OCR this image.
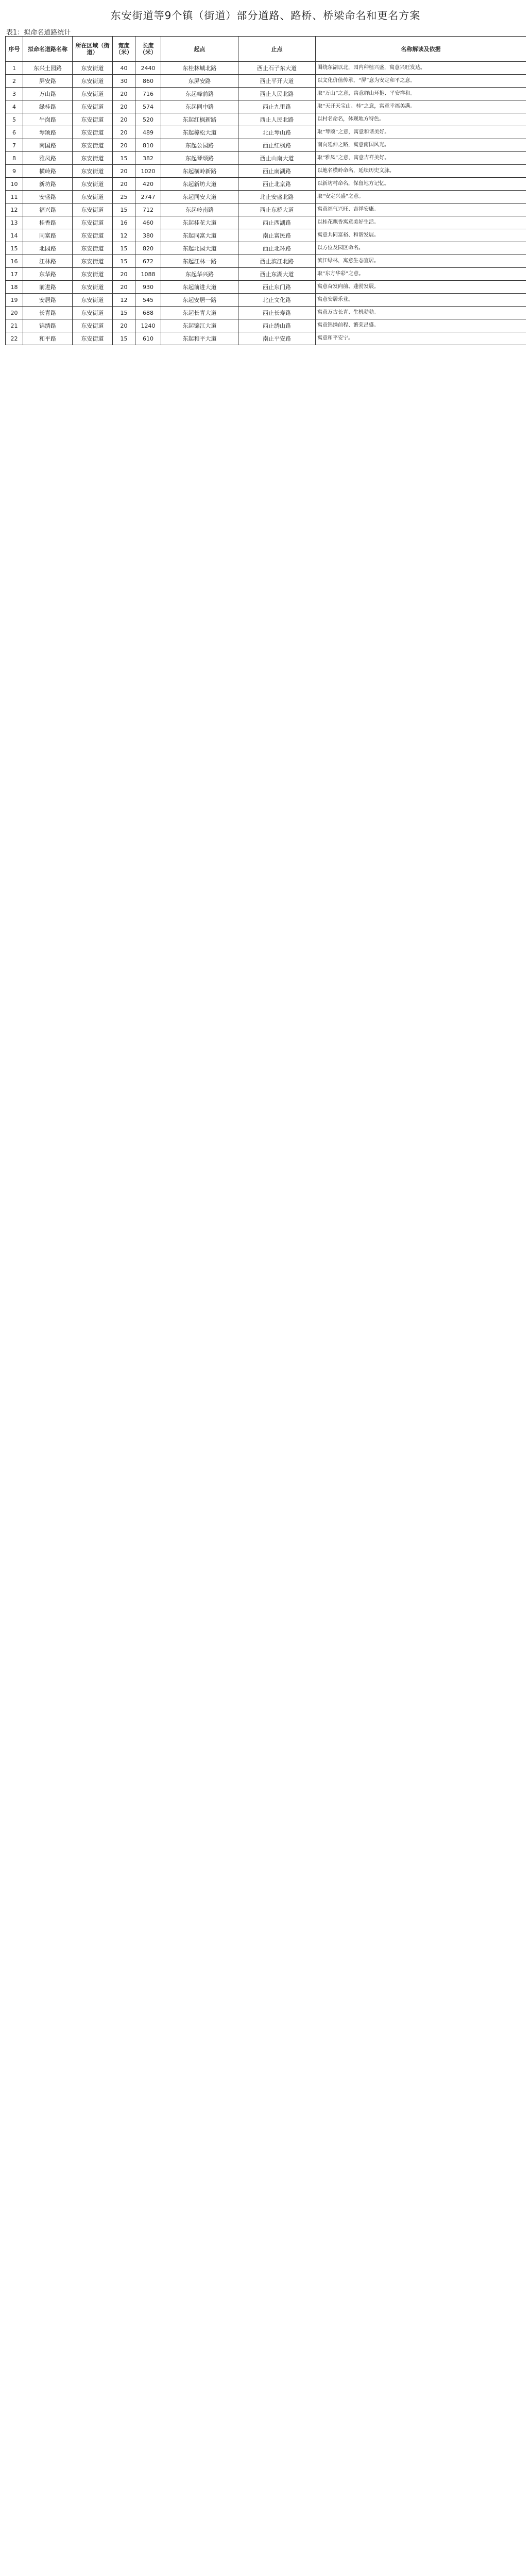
东安街道等9个镇（街道）部分道路、路桥、桥梁命名和更名方案
表1：拟命名道路统计
序号	拟命名道路名称	所在区域（街道）	宽度（米）	长度（米）	起点	止点	名称解读及依据
1	东兴土园路	东安街道	40	2440	东桂林城北路	西止石子东大道	围绕东湖以北，园内种植兴盛，寓意兴旺发达。
2	屏安路	东安街道	30	860	东屏安路	西止平开大道	以文化价值传承，“屏”意为安定和平之意。
3	万山路	东安街道	20	716	东起峰前路	西止人民北路	取“万山”之意，寓意群山环抱、平安祥和。
4	绿桂路	东安街道	20	574	东起同中路	西止九里路	取“天开天宝山、桂”之意，寓意幸福美满。
5	牛岗路	东安街道	20	520	东起红枫新路	西止人民北路	以村名命名，体现地方特色。
6	琴颂路	东安街道	20	489	东起樟松大道	北止琴山路	取“琴颂”之意，寓意和谐美好。
7	南国路	东安街道	20	810	东起公园路	西止红枫路	南向延伸之路，寓意南国风光。
8	雅凤路	东安街道	15	382	东起琴颂路	西止山南大道	取“雅凤”之意，寓意吉祥美好。
9	横岭路	东安街道	20	1020	东起横岭新路	西止南湖路	以地名横岭命名，延续历史文脉。
10	新坊路	东安街道	20	420	东起新坊大道	西止北京路	以新坊村命名，保留地方记忆。
11	安盛路	东安街道	25	2747	东起同安大道	北止安盛北路	取“安定兴盛”之意。
12	福兴路	东安街道	15	712	东起岭南路	西止东桥大道	寓意福气兴旺、吉祥安康。
13	桂香路	东安街道	16	460	东起桂花大道	西止西湖路	以桂花飘香寓意美好生活。
14	同富路	东安街道	12	380	东起同富大道	南止富民路	寓意共同富裕、和谐发展。
15	北园路	东安街道	15	820	东起北园大道	西止北环路	以方位及园区命名。
16	江林路	东安街道	15	672	东起江林一路	西止滨江北路	滨江绿林，寓意生态宜居。
17	东华路	东安街道	20	1088	东起华兴路	西止东湖大道	取“东方华彩”之意。
18	前进路	东安街道	20	930	东起前进大道	西止东门路	寓意奋发向前、蓬勃发展。
19	安居路	东安街道	12	545	东起安居一路	北止文化路	寓意安居乐业。
20	长青路	东安街道	15	688	东起长青大道	西止长寿路	寓意万古长青、生机勃勃。
21	锦绣路	东安街道	20	1240	东起锦江大道	西止绣山路	寓意锦绣前程、繁荣昌盛。
22	和平路	东安街道	15	610	东起和平大道	南止平安路	寓意和平安宁。
